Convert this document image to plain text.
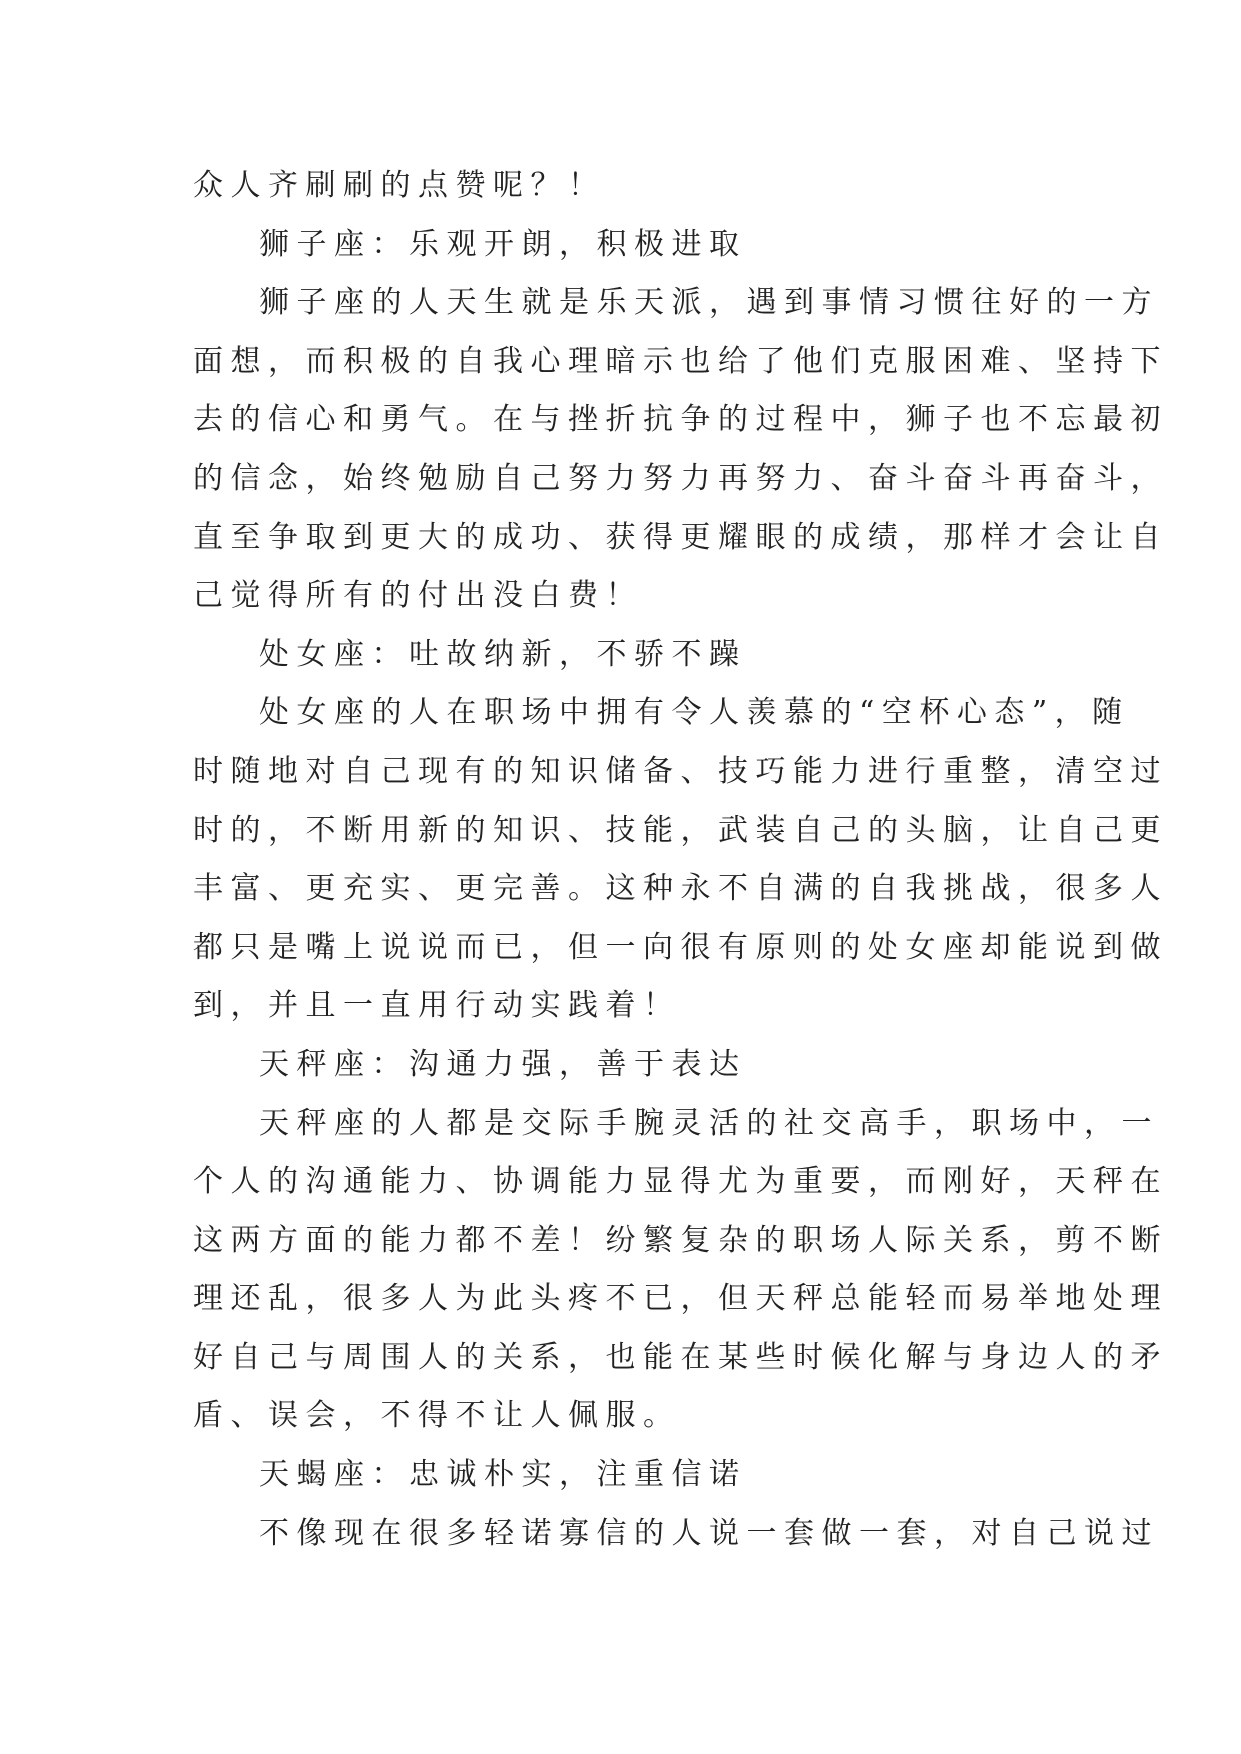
众人齐刷刷的点赞呢？！
狮子座：乐观开朗，积极进取
狮子座的人天生就是乐天派，遇到事情习惯往好的一方
面想，而积极的自我心理暗示也给了他们克服困难、坚持下
去的信心和勇气。在与挫折抗争的过程中，狮子也不忘最初
的信念，始终勉励自己努力努力再努力、奋斗奋斗再奋斗，
直至争取到更大的成功、获得更耀眼的成绩，那样才会让自
己觉得所有的付出没白费！
处女座：吐故纳新，不骄不躁
处女座的人在职场中拥有令人羡慕的“空杯心态”，随
时随地对自己现有的知识储备、技巧能力进行重整，清空过
时的，不断用新的知识、技能，武装自己的头脑，让自己更
丰富、更充实、更完善。这种永不自满的自我挑战，很多人
都只是嘴上说说而已，但一向很有原则的处女座却能说到做
到，并且一直用行动实践着！
天秤座：沟通力强，善于表达
天秤座的人都是交际手腕灵活的社交高手，职场中，一
个人的沟通能力、协调能力显得尤为重要，而刚好，天秤在
这两方面的能力都不差！纷繁复杂的职场人际关系，剪不断
理还乱，很多人为此头疼不已，但天秤总能轻而易举地处理
好自己与周围人的关系，也能在某些时候化解与身边人的矛
盾、误会，不得不让人佩服。
天蝎座：忠诚朴实，注重信诺
不像现在很多轻诺寡信的人说一套做一套，对自己说过
